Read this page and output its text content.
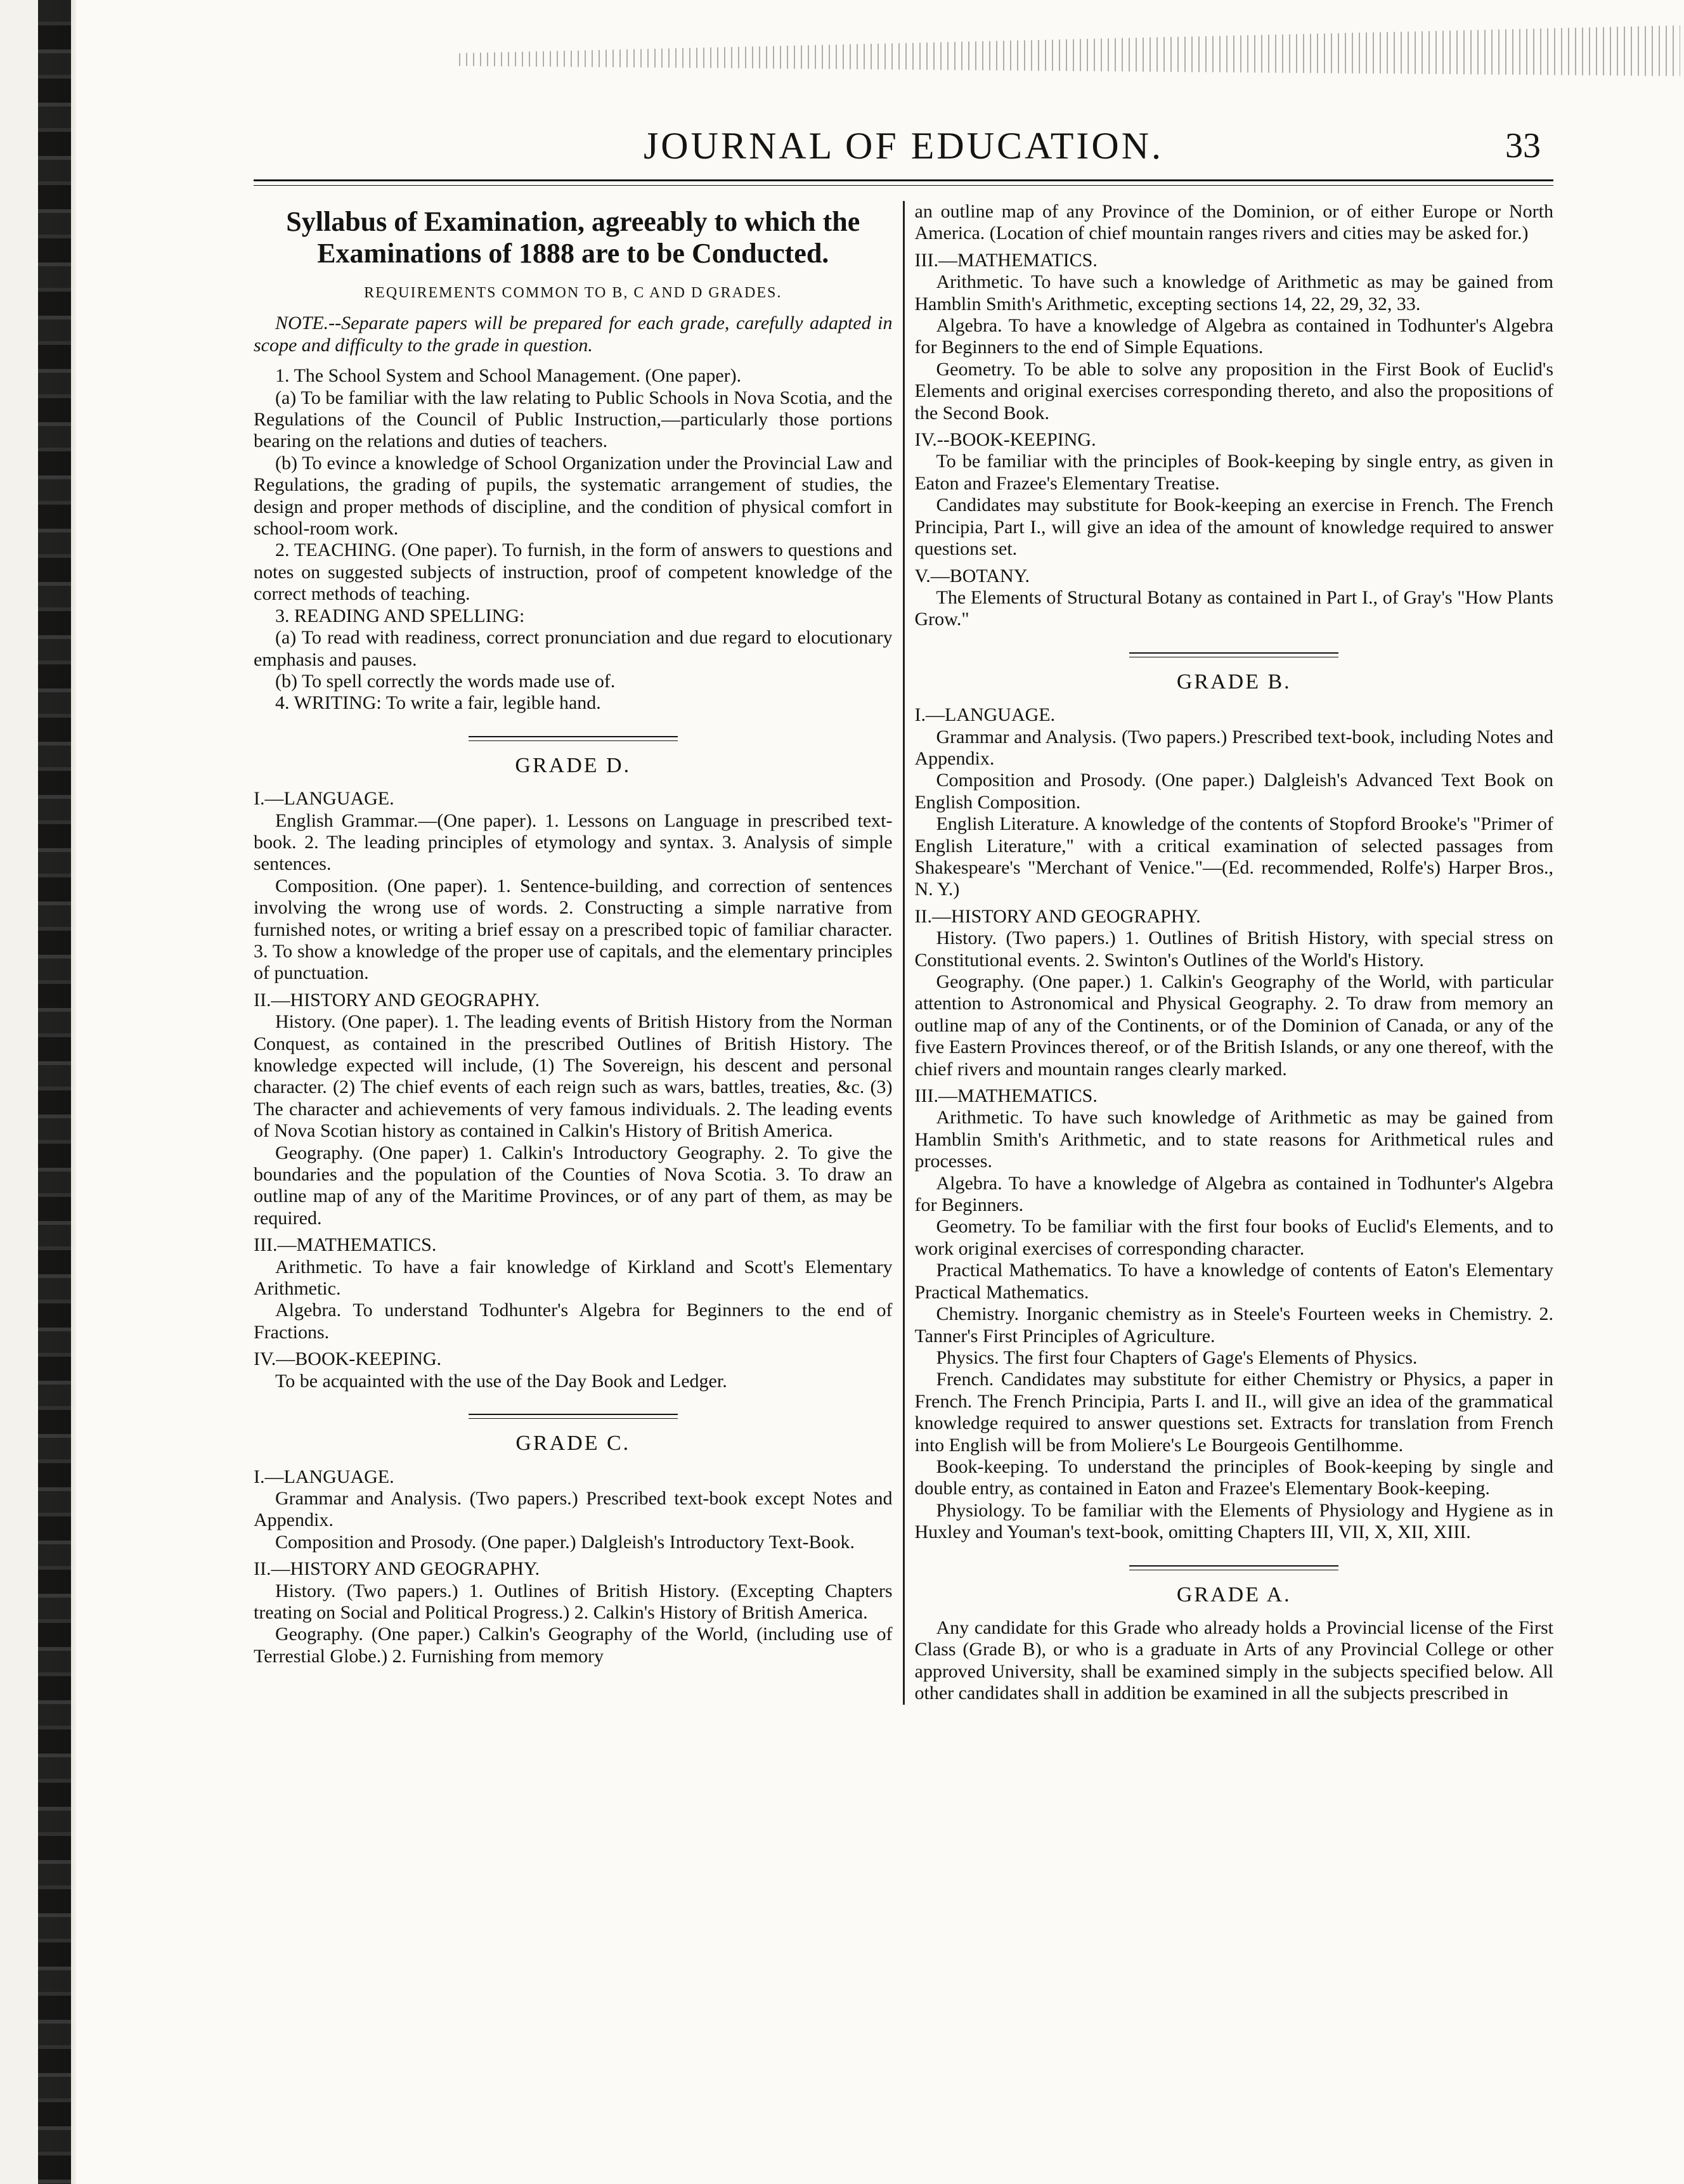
JOURNAL OF EDUCATION.	33

Syllabus of Examination, agreeably to which the Examinations of 1888 are to be Conducted.

REQUIREMENTS COMMON TO B, C AND D GRADES.

NOTE.--Separate papers will be prepared for each grade, carefully adapted in scope and difficulty to the grade in question.

1. The School System and School Management. (One paper).

(a) To be familiar with the law relating to Public Schools in Nova Scotia, and the Regulations of the Council of Public Instruction,—particularly those portions bearing on the relations and duties of teachers.

(b) To evince a knowledge of School Organization under the Provincial Law and Regulations, the grading of pupils, the systematic arrangement of studies, the design and proper methods of discipline, and the condition of physical comfort in school-room work.

2. TEACHING. (One paper). To furnish, in the form of answers to questions and notes on suggested subjects of instruction, proof of competent knowledge of the correct methods of teaching.

3. READING AND SPELLING:

(a) To read with readiness, correct pronunciation and due regard to elocutionary emphasis and pauses.

(b) To spell correctly the words made use of.

4. WRITING: To write a fair, legible hand.

GRADE D.

I.—LANGUAGE.

English Grammar.—(One paper). 1. Lessons on Language in prescribed text-book. 2. The leading principles of etymology and syntax. 3. Analysis of simple sentences.

Composition. (One paper). 1. Sentence-building, and correction of sentences involving the wrong use of words. 2. Constructing a simple narrative from furnished notes, or writing a brief essay on a prescribed topic of familiar character. 3. To show a knowledge of the proper use of capitals, and the elementary principles of punctuation.

II.—HISTORY AND GEOGRAPHY.

History. (One paper). 1. The leading events of British History from the Norman Conquest, as contained in the prescribed Outlines of British History. The knowledge expected will include, (1) The Sovereign, his descent and personal character. (2) The chief events of each reign such as wars, battles, treaties, &c. (3) The character and achievements of very famous individuals. 2. The leading events of Nova Scotian history as contained in Calkin's History of British America.

Geography. (One paper) 1. Calkin's Introductory Geography. 2. To give the boundaries and the population of the Counties of Nova Scotia. 3. To draw an outline map of any of the Maritime Provinces, or of any part of them, as may be required.

III.—MATHEMATICS.

Arithmetic. To have a fair knowledge of Kirkland and Scott's Elementary Arithmetic.

Algebra. To understand Todhunter's Algebra for Beginners to the end of Fractions.

IV.—BOOK-KEEPING.

To be acquainted with the use of the Day Book and Ledger.

GRADE C.

I.—LANGUAGE.

Grammar and Analysis. (Two papers.) Prescribed text-book except Notes and Appendix.

Composition and Prosody. (One paper.) Dalgleish's Introductory Text-Book.

II.—HISTORY AND GEOGRAPHY.

History. (Two papers.) 1. Outlines of British History. (Excepting Chapters treating on Social and Political Progress.) 2. Calkin's History of British America.

Geography. (One paper.) Calkin's Geography of the World, (including use of Terrestial Globe.) 2. Furnishing from memory

an outline map of any Province of the Dominion, or of either Europe or North America. (Location of chief mountain ranges rivers and cities may be asked for.)

III.—MATHEMATICS.

Arithmetic. To have such a knowledge of Arithmetic as may be gained from Hamblin Smith's Arithmetic, excepting sections 14, 22, 29, 32, 33.

Algebra. To have a knowledge of Algebra as contained in Todhunter's Algebra for Beginners to the end of Simple Equations.

Geometry. To be able to solve any proposition in the First Book of Euclid's Elements and original exercises corresponding thereto, and also the propositions of the Second Book.

IV.--BOOK-KEEPING.

To be familiar with the principles of Book-keeping by single entry, as given in Eaton and Frazee's Elementary Treatise.

Candidates may substitute for Book-keeping an exercise in French. The French Principia, Part I., will give an idea of the amount of knowledge required to answer questions set.

V.—BOTANY.

The Elements of Structural Botany as contained in Part I., of Gray's "How Plants Grow."

GRADE B.

I.—LANGUAGE.

Grammar and Analysis. (Two papers.) Prescribed text-book, including Notes and Appendix.

Composition and Prosody. (One paper.) Dalgleish's Advanced Text Book on English Composition.

English Literature. A knowledge of the contents of Stopford Brooke's "Primer of English Literature," with a critical examination of selected passages from Shakespeare's "Merchant of Venice."—(Ed. recommended, Rolfe's) Harper Bros., N. Y.)

II.—HISTORY AND GEOGRAPHY.

History. (Two papers.) 1. Outlines of British History, with special stress on Constitutional events. 2. Swinton's Outlines of the World's History.

Geography. (One paper.) 1. Calkin's Geography of the World, with particular attention to Astronomical and Physical Geography. 2. To draw from memory an outline map of any of the Continents, or of the Dominion of Canada, or any of the five Eastern Provinces thereof, or of the British Islands, or any one thereof, with the chief rivers and mountain ranges clearly marked.

III.—MATHEMATICS.

Arithmetic. To have such knowledge of Arithmetic as may be gained from Hamblin Smith's Arithmetic, and to state reasons for Arithmetical rules and processes.

Algebra. To have a knowledge of Algebra as contained in Todhunter's Algebra for Beginners.

Geometry. To be familiar with the first four books of Euclid's Elements, and to work original exercises of corresponding character.

Practical Mathematics. To have a knowledge of contents of Eaton's Elementary Practical Mathematics.

Chemistry. Inorganic chemistry as in Steele's Fourteen weeks in Chemistry. 2. Tanner's First Principles of Agriculture.

Physics. The first four Chapters of Gage's Elements of Physics.

French. Candidates may substitute for either Chemistry or Physics, a paper in French. The French Principia, Parts I. and II., will give an idea of the grammatical knowledge required to answer questions set. Extracts for translation from French into English will be from Moliere's Le Bourgeois Gentilhomme.

Book-keeping. To understand the principles of Book-keeping by single and double entry, as contained in Eaton and Frazee's Elementary Book-keeping.

Physiology. To be familiar with the Elements of Physiology and Hygiene as in Huxley and Youman's text-book, omitting Chapters III, VII, X, XII, XIII.

GRADE A.

Any candidate for this Grade who already holds a Provincial license of the First Class (Grade B), or who is a graduate in Arts of any Provincial College or other approved University, shall be examined simply in the subjects specified below. All other candidates shall in addition be examined in all the subjects prescribed in
